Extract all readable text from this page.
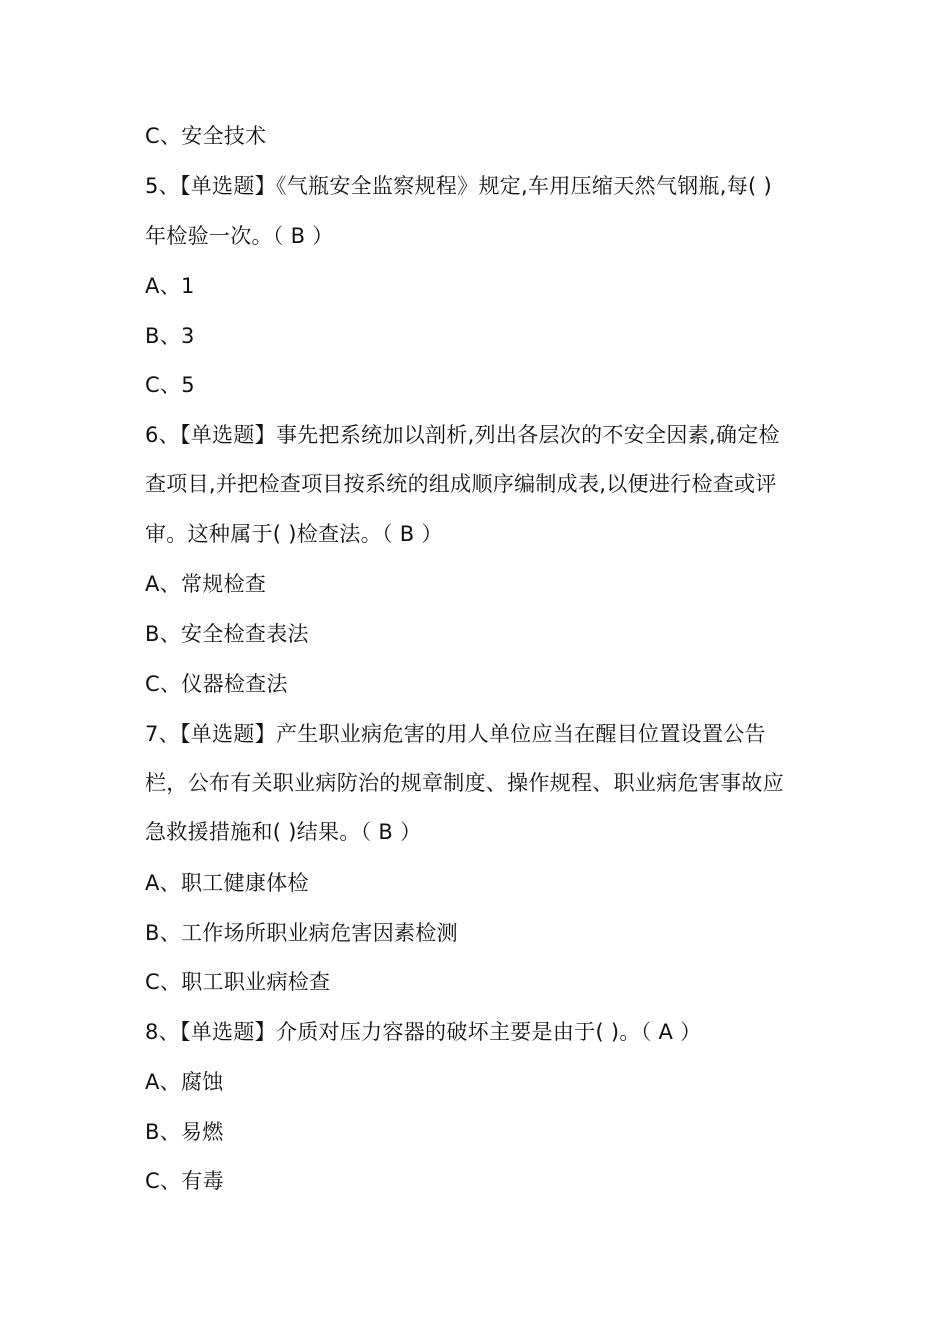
C、安全技术
5、【单选题】《气瓶安全监察规程》规定,车用压缩天然气钢瓶,每( )
年检验一次。（ B ）
A、1
B、3
C、5
6、【单选题】事先把系统加以剖析,列出各层次的不安全因素,确定检
查项目,并把检查项目按系统的组成顺序编制成表,以便进行检查或评
审。这种属于( )检查法。（ B ）
A、常规检查
B、安全检查表法
C、仪器检查法
7、【单选题】产生职业病危害的用人单位应当在醒目位置设置公告
栏，公布有关职业病防治的规章制度、操作规程、职业病危害事故应
急救援措施和( )结果。（ B ）
A、职工健康体检
B、工作场所职业病危害因素检测
C、职工职业病检查
8、【单选题】介质对压力容器的破坏主要是由于( )。（ A ）
A、腐蚀
B、易燃
C、有毒
